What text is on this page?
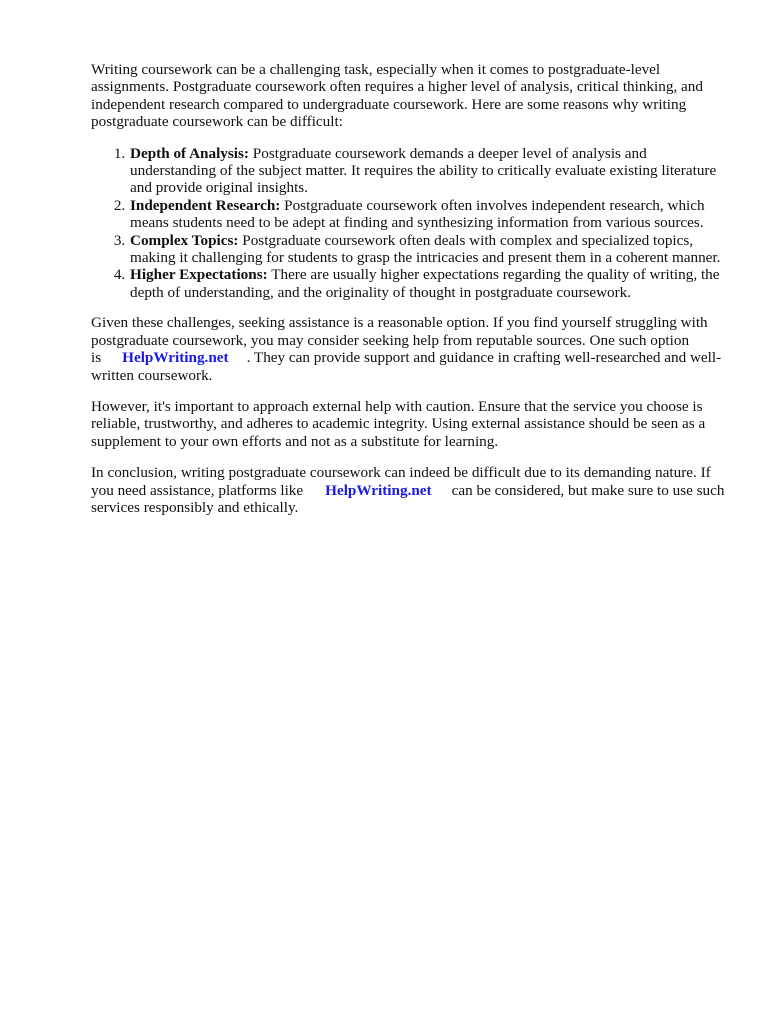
Writing coursework can be a challenging task, especially when it comes to postgraduate-level assignments. Postgraduate coursework often requires a higher level of analysis, critical thinking, and independent research compared to undergraduate coursework. Here are some reasons why writing postgraduate coursework can be difficult:

1. Depth of Analysis: Postgraduate coursework demands a deeper level of analysis and understanding of the subject matter. It requires the ability to critically evaluate existing literature and provide original insights.
2. Independent Research: Postgraduate coursework often involves independent research, which means students need to be adept at finding and synthesizing information from various sources.
3. Complex Topics: Postgraduate coursework often deals with complex and specialized topics, making it challenging for students to grasp the intricacies and present them in a coherent manner.
4. Higher Expectations: There are usually higher expectations regarding the quality of writing, the depth of understanding, and the originality of thought in postgraduate coursework.

Given these challenges, seeking assistance is a reasonable option. If you find yourself struggling with postgraduate coursework, you may consider seeking help from reputable sources. One such option is HelpWriting.net . They can provide support and guidance in crafting well-researched and well-written coursework.

However, it's important to approach external help with caution. Ensure that the service you choose is reliable, trustworthy, and adheres to academic integrity. Using external assistance should be seen as a supplement to your own efforts and not as a substitute for learning.

In conclusion, writing postgraduate coursework can indeed be difficult due to its demanding nature. If you need assistance, platforms like HelpWriting.net can be considered, but make sure to use such services responsibly and ethically.
